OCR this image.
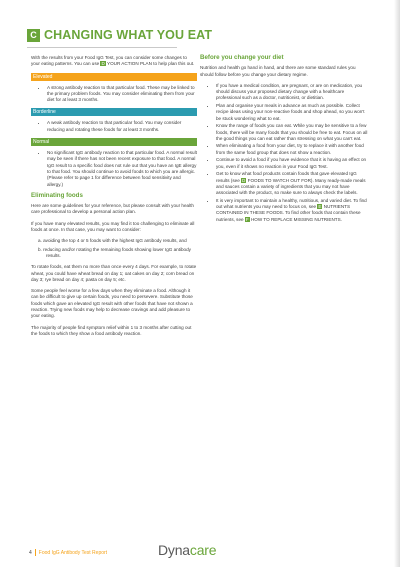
C CHANGING WHAT YOU EAT

With the results from your Food IgG Test, you can consider some changes to your eating patterns. You can use D YOUR ACTION PLAN to help plan this out.

Elevated
• A strong antibody reaction to that particular food. These may be linked to the primary problem foods. You may consider eliminating them from your diet for at least 3 months.
Borderline
• A weak antibody reaction to that particular food. You may consider reducing and rotating these foods for at least 3 months.
Normal
• No significant IgG antibody reaction to that particular food. A normal result may be seen if there has not been recent exposure to that food. A normal IgG result to a specific food does not rule out that you have an IgE allergy to that food. You should continue to avoid foods to which you are allergic. (Please refer to page 1 for difference between food sensitivity and allergy.)
Eliminating foods

Here are some guidelines for your reference, but please consult with your health care professional to develop a personal action plan.

If you have many elevated results, you may find it too challenging to eliminate all foods at once. In that case, you may want to consider:

a. avoiding the top 4 or 5 foods with the highest IgG antibody results, and
b. reducing and/or rotating the remaining foods showing lower IgG antibody results.

To rotate foods, eat them no more than once every 4 days. For example, to rotate wheat, you could have wheat bread on day 1; oat cakes on day 2; corn bread on day 3; rye bread on day 4; pasta on day 5; etc.

Some people feel worse for a few days when they eliminate a food. Although it can be difficult to give up certain foods, you need to persevere. Substitute those foods which gave an elevated IgG result with other foods that have not shown a reaction. Trying new foods may help to decrease cravings and add pleasure to your eating.

The majority of people find symptom relief within 1 to 3 months after cutting out the foods to which they show a food antibody reaction.

Before you change your diet

Nutrition and health go hand in hand, and there are some standard rules you should follow before you change your dietary regime.

• If you have a medical condition, are pregnant, or are on medication, you should discuss your proposed dietary change with a healthcare professional such as a doctor, nutritionist, or dietitian.
• Plan and organise your meals in advance as much as possible. Collect recipe ideas using your non-reactive foods and shop ahead, so you won't be stuck wondering what to eat.
• Know the range of foods you can eat. While you may be sensitive to a few foods, there will be many foods that you should be free to eat. Focus on all the good things you can eat rather than stressing on what you can't eat.
• When eliminating a food from your diet, try to replace it with another food from the same food group that does not show a reaction.
• Continue to avoid a food if you have evidence that it is having an effect on you, even if it shows no reaction in your Food IgG Test.
• Get to know what food products contain foods that gave elevated IgG results (see D FOODS TO WATCH OUT FOR). Many ready-made meals and sauces contain a variety of ingredients that you may not have associated with the product, so make sure to always check the labels.
• It is very important to maintain a healthy, nutritious, and varied diet. To find out what nutrients you may need to focus on, see E NUTRIENTS CONTAINED IN THESE FOODS. To find other foods that contain these nutrients, see F HOW TO REPLACE MISSING NUTRIENTS.
4 Food IgG Antibody Test Report	Dynacare
